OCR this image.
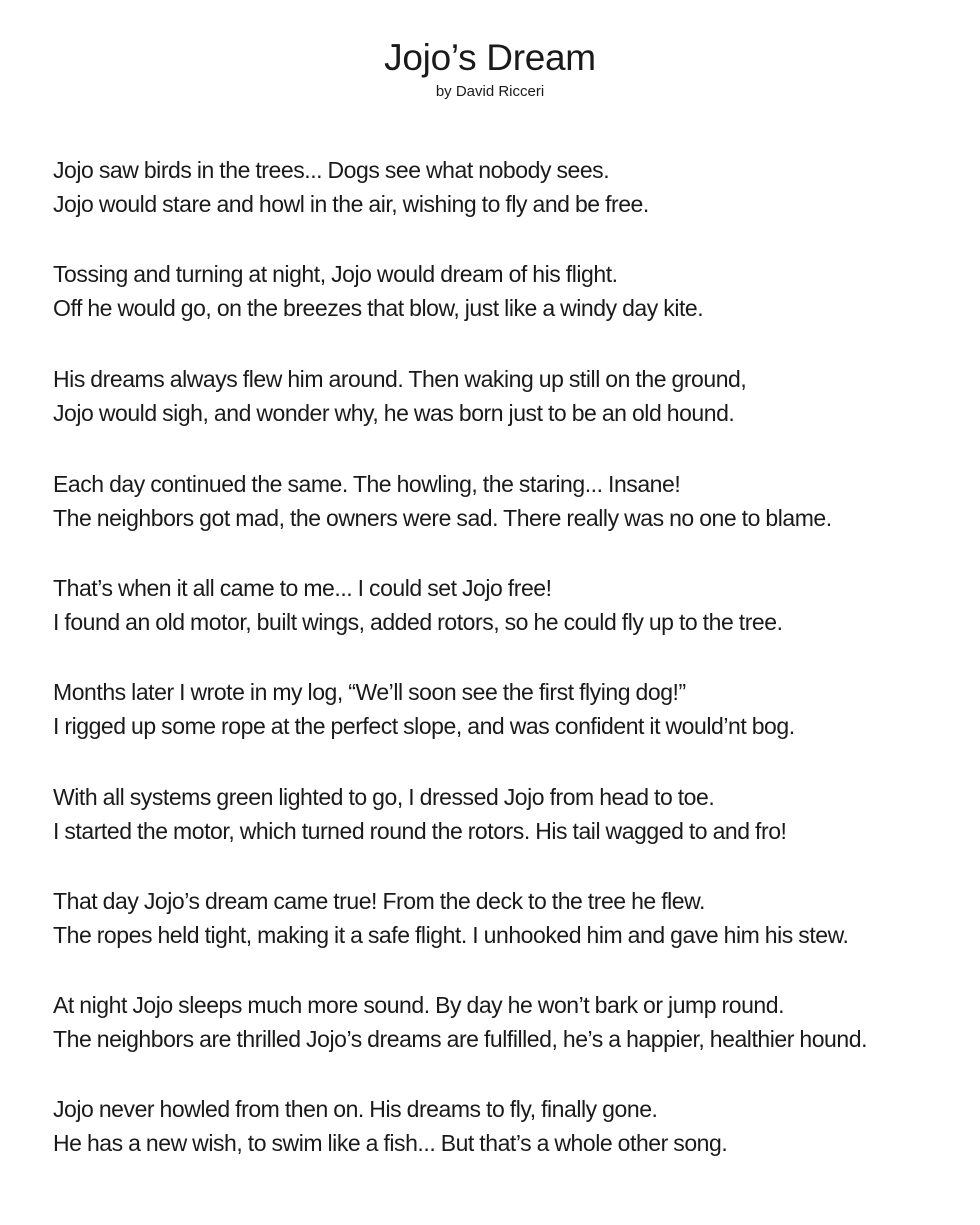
Jojo’s Dream

by David Ricceri

Jojo saw birds in the trees... Dogs see what nobody sees.
Jojo would stare and howl in the air, wishing to fly and be free.

Tossing and turning at night, Jojo would dream of his flight.
Off he would go, on the breezes that blow, just like a windy day kite.

His dreams always flew him around. Then waking up still on the ground,
Jojo would sigh, and wonder why, he was born just to be an old hound.

Each day continued the same. The howling, the staring... Insane!
The neighbors got mad, the owners were sad. There really was no one to blame.

That’s when it all came to me... I could set Jojo free!
I found an old motor, built wings, added rotors, so he could fly up to the tree.

Months later I wrote in my log, “We’ll soon see the first flying dog!”
I rigged up some rope at the perfect slope, and was confident it would’nt bog.

With all systems green lighted to go, I dressed Jojo from head to toe.
I started the motor, which turned round the rotors. His tail wagged to and fro!

That day Jojo’s dream came true! From the deck to the tree he flew.
The ropes held tight, making it a safe flight. I unhooked him and gave him his stew.

At night Jojo sleeps much more sound. By day he won’t bark or jump round.
The neighbors are thrilled Jojo’s dreams are fulfilled, he’s a happier, healthier hound.

Jojo never howled from then on. His dreams to fly, finally gone.
He has a new wish, to swim like a fish... But that’s a whole other song.
